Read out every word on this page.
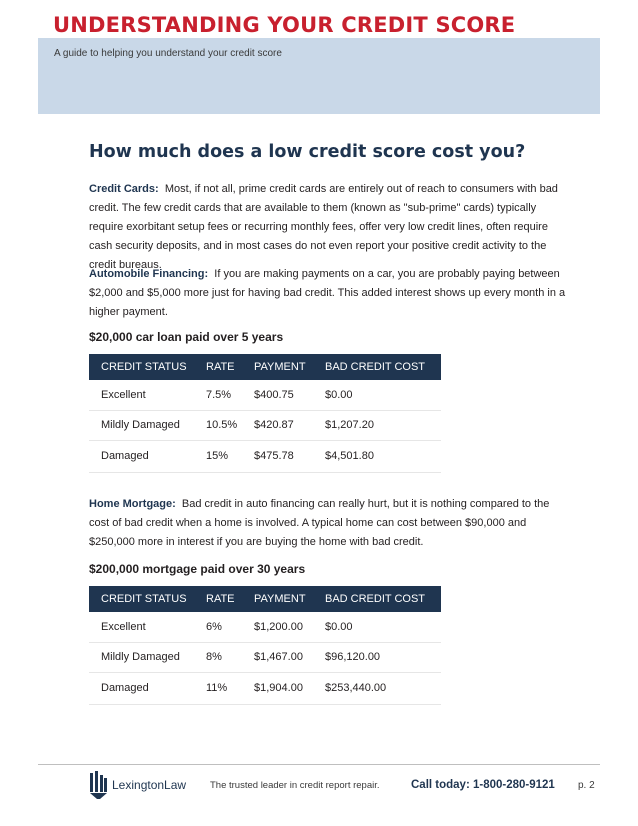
UNDERSTANDING YOUR CREDIT SCORE
A guide to helping you understand your credit score
How much does a low credit score cost you?
Credit Cards: Most, if not all, prime credit cards are entirely out of reach to consumers with bad credit. The few credit cards that are available to them (known as "sub-prime" cards) typically require exorbitant setup fees or recurring monthly fees, offer very low credit lines, often require cash security deposits, and in most cases do not even report your positive credit activity to the credit bureaus.
Automobile Financing: If you are making payments on a car, you are probably paying between $2,000 and $5,000 more just for having bad credit. This added interest shows up every month in a higher payment.
$20,000 car loan paid over 5 years
CREDIT STATUS	RATE	PAYMENT	BAD CREDIT COST
Excellent	7.5%	$400.75	$0.00
Mildly Damaged	10.5%	$420.87	$1,207.20
Damaged	15%	$475.78	$4,501.80
Home Mortgage: Bad credit in auto financing can really hurt, but it is nothing compared to the cost of bad credit when a home is involved. A typical home can cost between $90,000 and $250,000 more in interest if you are buying the home with bad credit.
$200,000 mortgage paid over 30 years
CREDIT STATUS	RATE	PAYMENT	BAD CREDIT COST
Excellent	6%	$1,200.00	$0.00
Mildly Damaged	8%	$1,467.00	$96,120.00
Damaged	11%	$1,904.00	$253,440.00
LexingtonLaw	The trusted leader in credit report repair.	Call today: 1-800-280-9121 p. 2
